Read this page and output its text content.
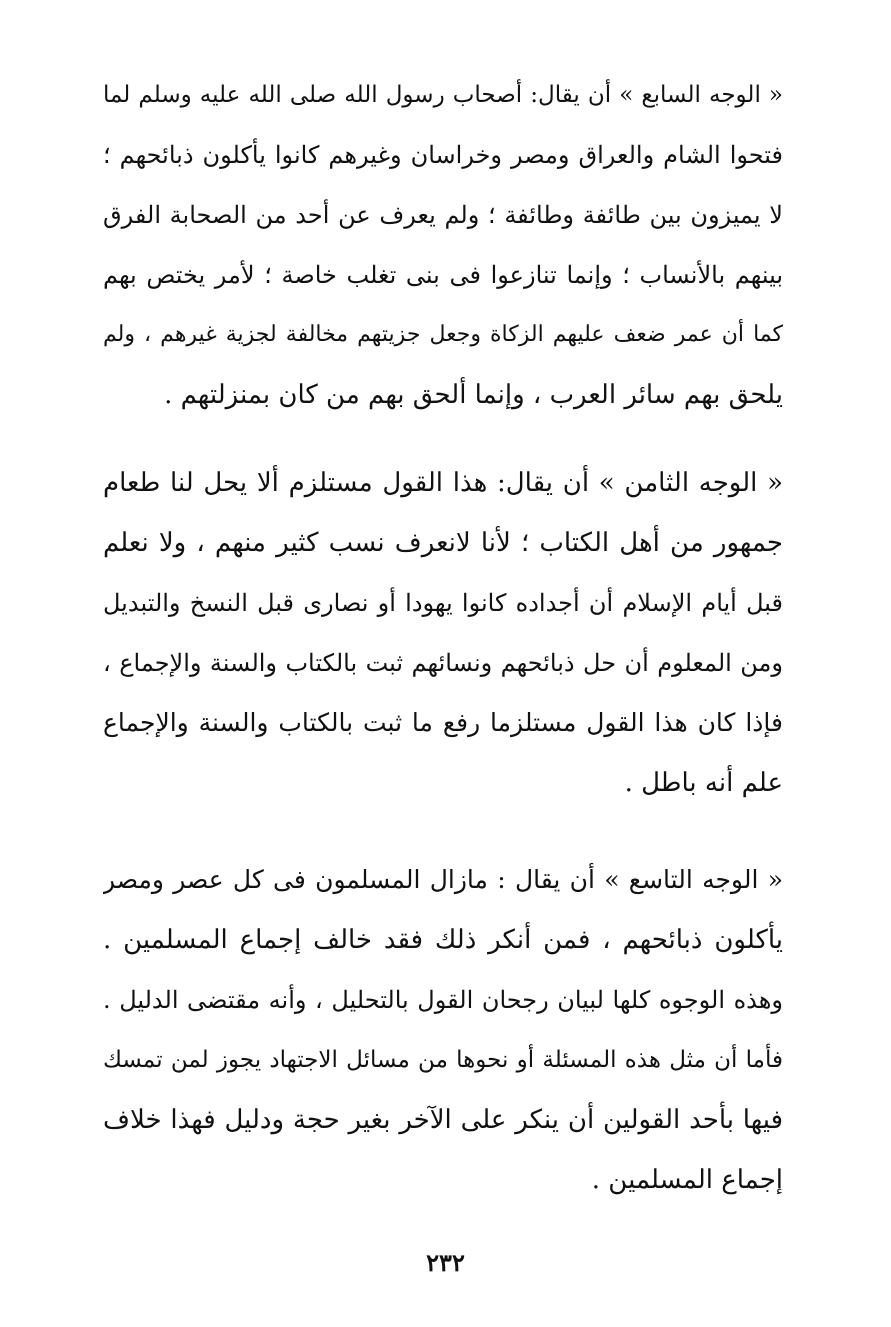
« الوجه السابع » أن يقال: أصحاب رسول الله صلى الله عليه وسلم لما
فتحوا الشام والعراق ومصر وخراسان وغيرهم كانوا يأكلون ذبائحهم ؛
لا يميزون بين طائفة وطائفة ؛ ولم يعرف عن أحد من الصحابة الفرق
بينهم بالأنساب ؛ وإنما تنازعوا فى بنى تغلب خاصة ؛ لأمر يختص بهم
كما أن عمر ضعف عليهم الزكاة وجعل جزيتهم مخالفة لجزية غيرهم ، ولم
يلحق بهم سائر العرب ، وإنما ألحق بهم من كان بمنزلتهم .
« الوجه الثامن » أن يقال: هذا القول مستلزم ألا يحل لنا طعام
جمهور من أهل الكتاب ؛ لأنا لانعرف نسب كثير منهم ، ولا نعلم
قبل أيام الإسلام أن أجداده كانوا يهودا أو نصارى قبل النسخ والتبديل
ومن المعلوم أن حل ذبائحهم ونسائهم ثبت بالكتاب والسنة والإجماع ،
فإذا كان هذا القول مستلزما رفع ما ثبت بالكتاب والسنة والإجماع
علم أنه باطل .
« الوجه التاسع » أن يقال : مازال المسلمون فى كل عصر ومصر
يأكلون ذبائحهم ، فمن أنكر ذلك فقد خالف إجماع المسلمين .
وهذه الوجوه كلها لبيان رجحان القول بالتحليل ، وأنه مقتضى الدليل .
فأما أن مثل هذه المسئلة أو نحوها من مسائل الاجتهاد يجوز لمن تمسك
فيها بأحد القولين أن ينكر على الآخر بغير حجة ودليل فهذا خلاف
إجماع المسلمين .
٢٣٢
